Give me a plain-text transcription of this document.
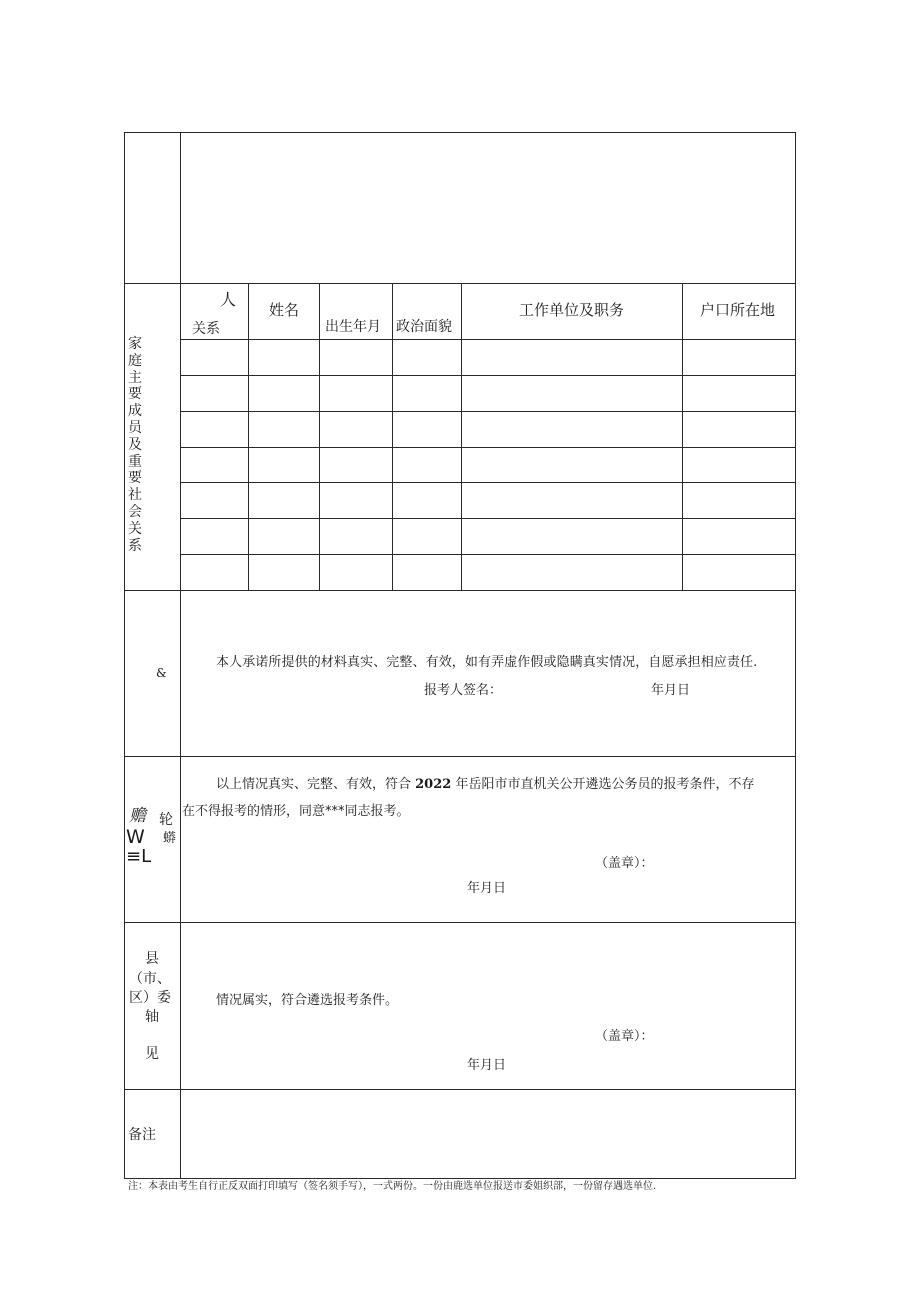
家
庭
主
要
成
员
及
重
要
社
会
关
系
人
关系
姓名
出生年月 政治面貌
工作单位及职务	户口所在地
&
本人承诺所提供的材料真实、完整、有效，如有弄虚作假或隐瞒真实情况，自愿承担相应责任.
报考人签名：	年月日
赡 轮
W 蟒
≡L
以上情况真实、完整、有效，符合 2022 年岳阳市市直机关公开遴选公务员的报考条件，不存
在不得报考的情形，同意***同志报考。
（盖章）：
年月日
县
（市、
区）委
轴
见
情况属实，符合遴选报考条件。
（盖章）：
年月日
备注
注：本表由考生自行正反双面打印填写（签名须手写），一式两份。一份由鹿选单位报送市委姐织部，一份留存遇选单位.
